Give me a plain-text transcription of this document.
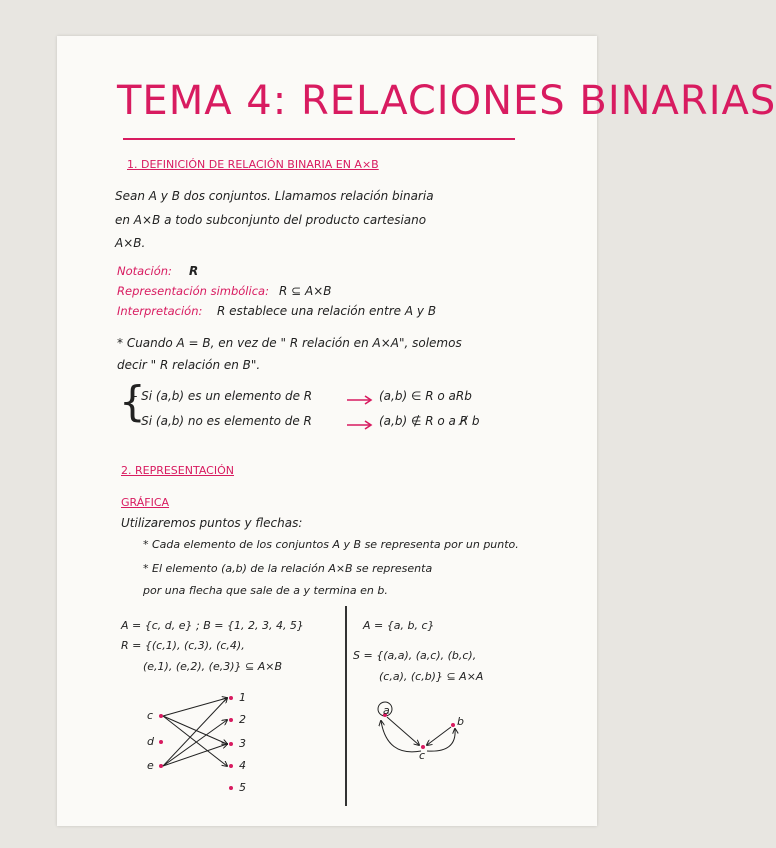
TEMA 4: RELACIONES BINARIAS
1. DEFINICIÓN DE RELACIÓN BINARIA EN A×B
Sean A y B dos conjuntos. Llamamos relación binaria
en A×B a todo subconjunto del producto cartesiano
A×B.
Notación: R
Representación simbólica: R ⊆ A×B
Interpretación: R establece una relación entre A y B
* Cuando A = B, en vez de " R relación en A×A", solemos
decir " R relación en B".
{
- Si (a,b) es un elemento de R	(a,b) ∈ R o aRb
- Si (a,b) no es elemento de R	(a,b) ∉ R o a R̸ b
2. REPRESENTACIÓN
GRÁFICA
Utilizaremos puntos y flechas:
* Cada elemento de los conjuntos A y B se representa por un punto.
* El elemento (a,b) de la relación A×B se representa
por una flecha que sale de a y termina en b.
A = {c, d, e} ; B = {1, 2, 3, 4, 5}
R = {(c,1), (c,3), (c,4),
(e,1), (e,2), (e,3)} ⊆ A×B
A = {a, b, c}
S = {(a,a), (a,c), (b,c),
(c,a), (c,b)} ⊆ A×A
c
d
e
1
2
3
4
5
a
b
c
